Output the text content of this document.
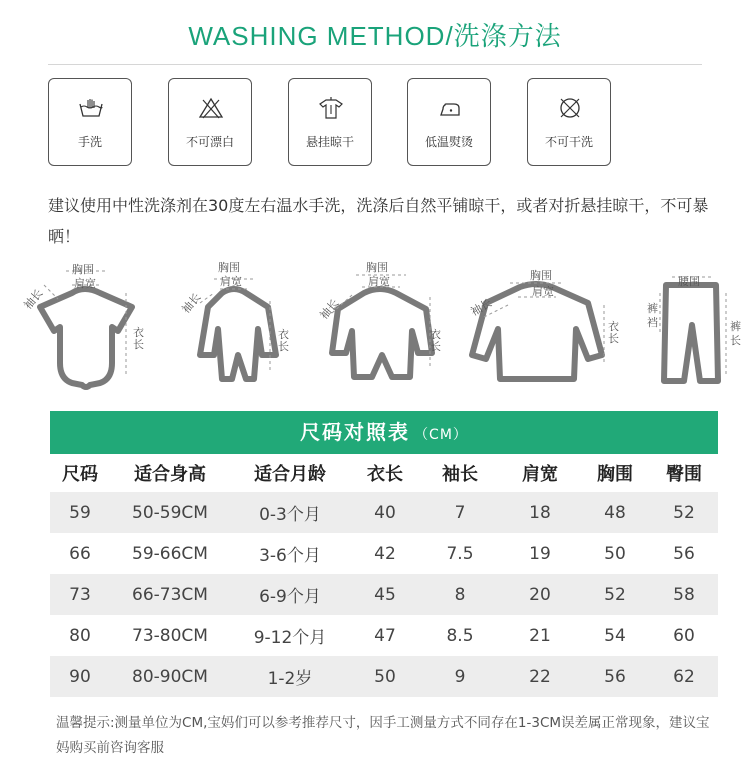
WASHING METHOD/洗涤方法
手洗	不可漂白	悬挂晾干	低温熨烫	不可干洗
建议使用中性洗涤剂在30度左右温水手洗，洗涤后自然平铺晾干，或者对折悬挂晾干，不可暴晒！
胸围
肩宽
袖长
衣长
胸围
肩宽
袖长
衣长
胸围
肩宽
袖长
衣长
胸围
肩宽
袖长
衣长
腰围
裤
裆	裤
长
尺码对照表 （CM）
尺码	适合身高	适合月龄	衣长	袖长	肩宽	胸围	臀围
59	50-59CM	0-3个月	40	7	18	48	52
66	59-66CM	3-6个月	42	7.5	19	50	56
73	66-73CM	6-9个月	45	8	20	52	58
80	73-80CM	9-12个月	47	8.5	21	54	60
90	80-90CM	1-2岁	50	9	22	56	62
温馨提示:测量单位为CM,宝妈们可以参考推荐尺寸，因手工测量方式不同存在1-3CM误差属正常现象，建议宝妈购买前咨询客服
